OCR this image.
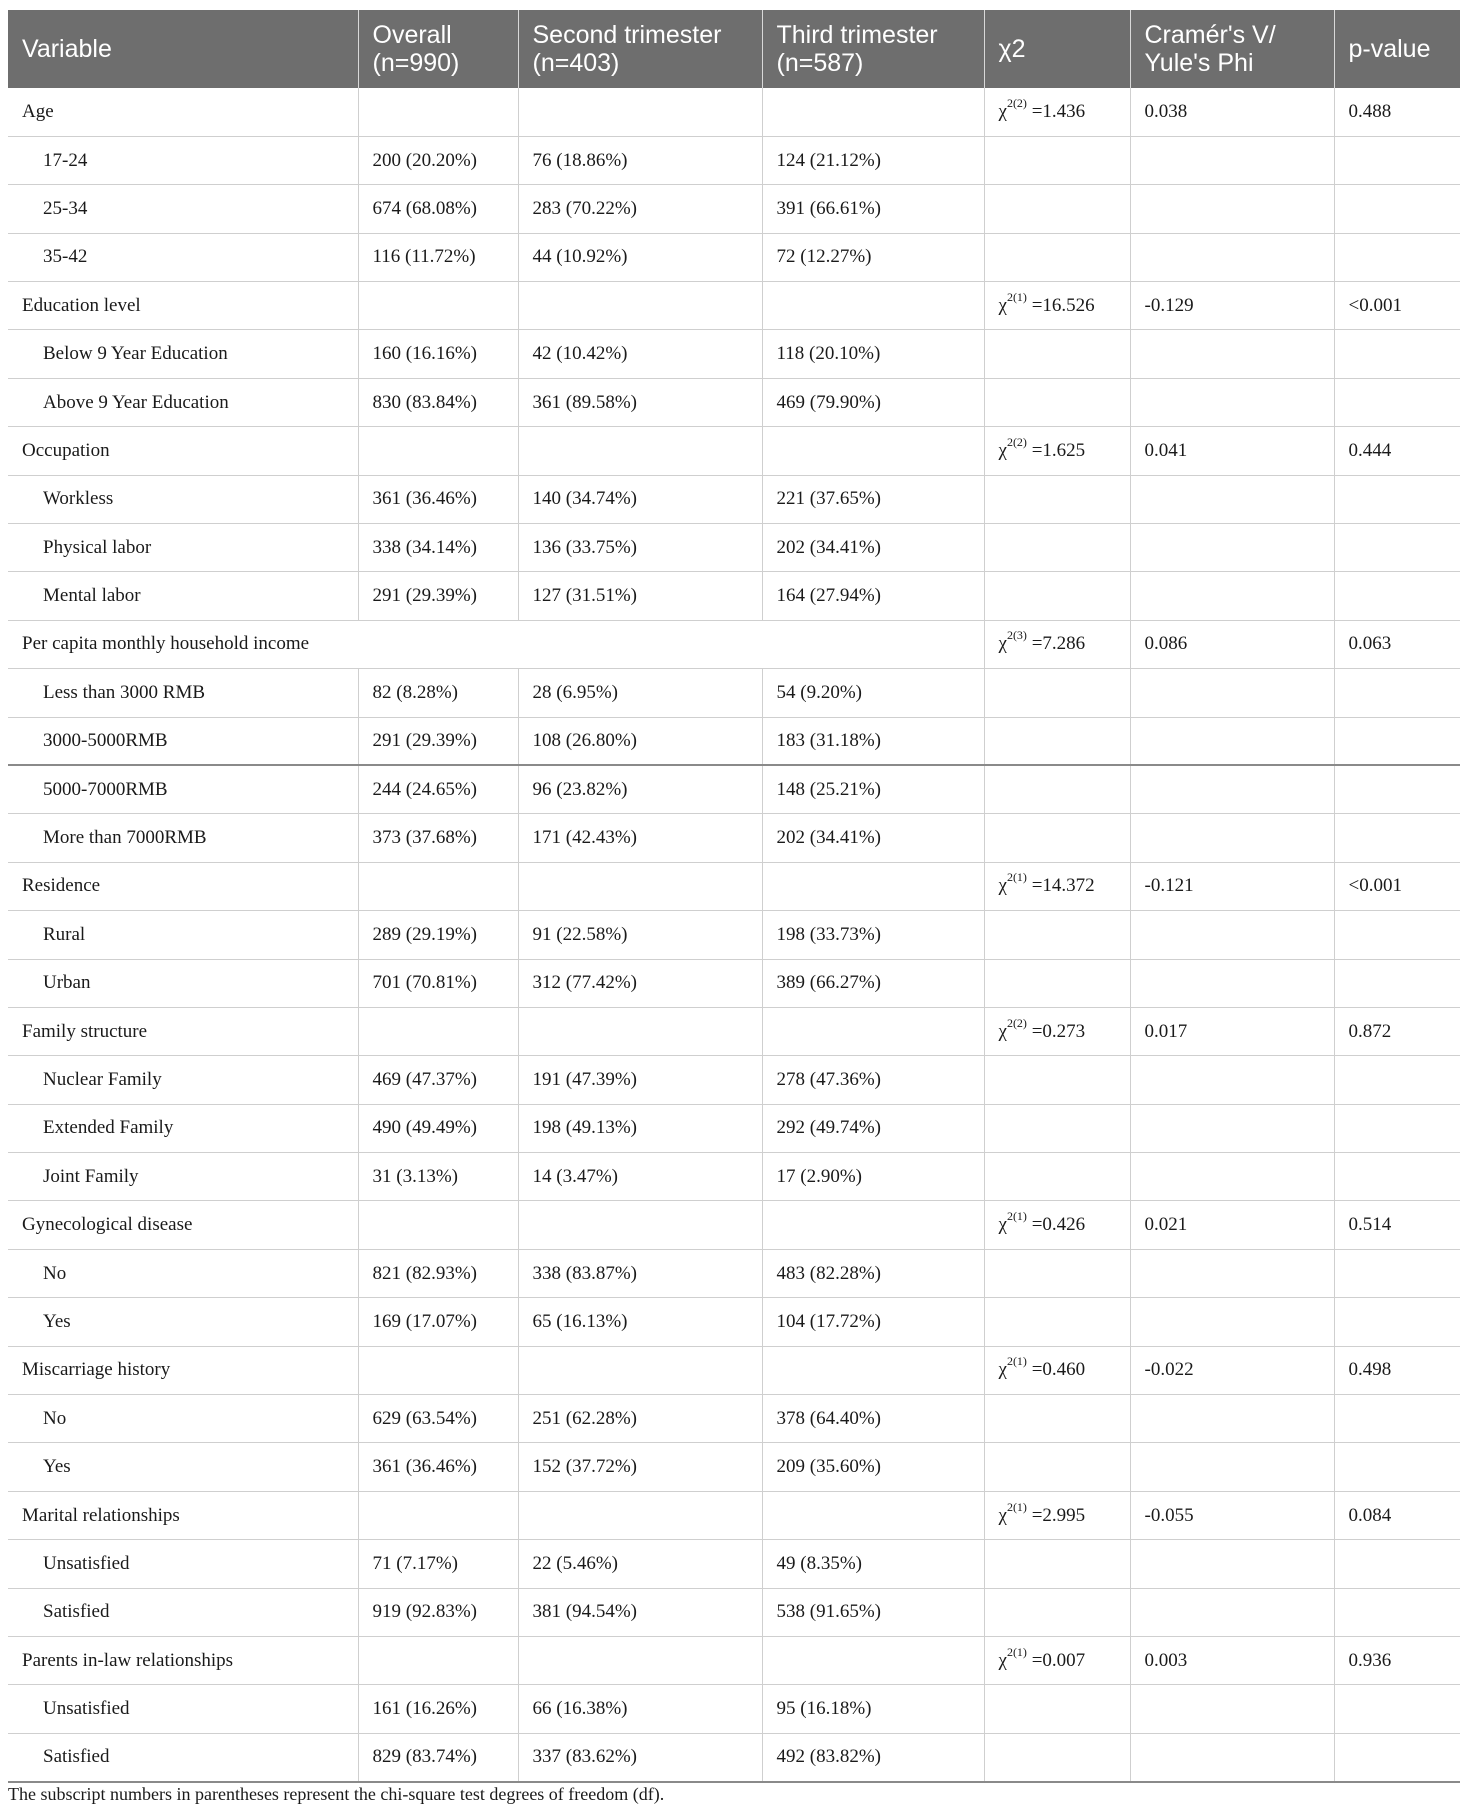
Variable	Overall (n=990)	Second trimester (n=403)	Third trimester (n=587)	χ2	Cramér's V/ Yule's Phi	p-value
Age				$\chi^{2(2)} =1.436$	0.038	0.488
17-24	200 (20.20%)	76 (18.86%)	124 (21.12%)			
25-34	674 (68.08%)	283 (70.22%)	391 (66.61%)			
35-42	116 (11.72%)	44 (10.92%)	72 (12.27%)			
Education level				$\chi^{2(1)} =16.526$	-0.129	<0.001
Below 9 Year Education	160 (16.16%)	42 (10.42%)	118 (20.10%)			
Above 9 Year Education	830 (83.84%)	361 (89.58%)	469 (79.90%)			
Occupation				$\chi^{2(2)} =1.625$	0.041	0.444
Workless	361 (36.46%)	140 (34.74%)	221 (37.65%)			
Physical labor	338 (34.14%)	136 (33.75%)	202 (34.41%)			
Mental labor	291 (29.39%)	127 (31.51%)	164 (27.94%)			
Per capita monthly household income				$\chi^{2(3)} =7.286$	0.086	0.063
Less than 3000 RMB	82 (8.28%)	28 (6.95%)	54 (9.20%)			
3000-5000RMB	291 (29.39%)	108 (26.80%)	183 (31.18%)			
5000-7000RMB	244 (24.65%)	96 (23.82%)	148 (25.21%)			
More than 7000RMB	373 (37.68%)	171 (42.43%)	202 (34.41%)			
Residence				$\chi^{2(1)} =14.372$	-0.121	<0.001
Rural	289 (29.19%)	91 (22.58%)	198 (33.73%)			
Urban	701 (70.81%)	312 (77.42%)	389 (66.27%)			
Family structure				$\chi^{2(2)} =0.273$	0.017	0.872
Nuclear Family	469 (47.37%)	191 (47.39%)	278 (47.36%)			
Extended Family	490 (49.49%)	198 (49.13%)	292 (49.74%)			
Joint Family	31 (3.13%)	14 (3.47%)	17 (2.90%)			
Gynecological disease				$\chi^{2(1)} =0.426$	0.021	0.514
No	821 (82.93%)	338 (83.87%)	483 (82.28%)			
Yes	169 (17.07%)	65 (16.13%)	104 (17.72%)			
Miscarriage history				$\chi^{2(1)} =0.460$	-0.022	0.498
No	629 (63.54%)	251 (62.28%)	378 (64.40%)			
Yes	361 (36.46%)	152 (37.72%)	209 (35.60%)			
Marital relationships				$\chi^{2(1)} =2.995$	-0.055	0.084
Unsatisfied	71 (7.17%)	22 (5.46%)	49 (8.35%)			
Satisfied	919 (92.83%)	381 (94.54%)	538 (91.65%)			
Parents in-law relationships				$\chi^{2(1)} =0.007$	0.003	0.936
Unsatisfied	161 (16.26%)	66 (16.38%)	95 (16.18%)			
Satisfied	829 (83.74%)	337 (83.62%)	492 (83.82%)			
The subscript numbers in parentheses represent the chi-square test degrees of freedom (df).
